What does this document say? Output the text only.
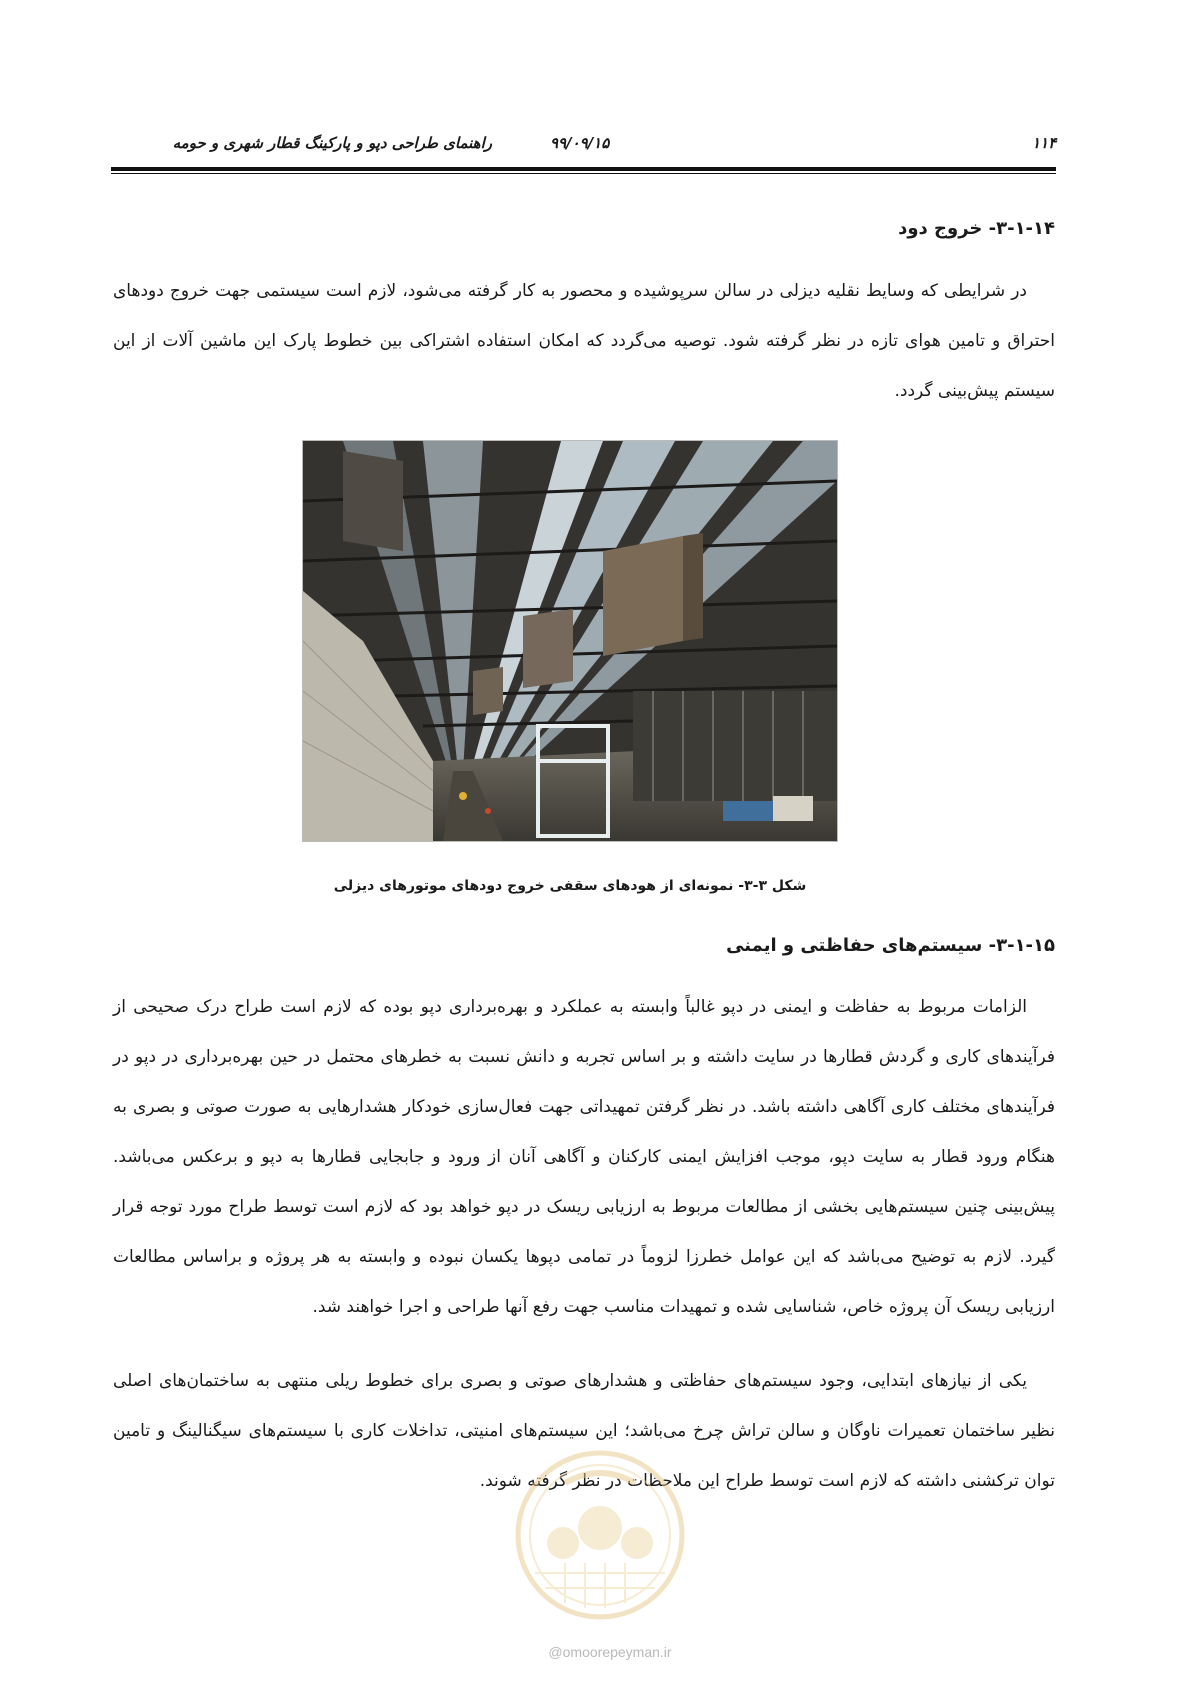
۱۱۴
۹۹/۰۹/۱۵
راهنمای طراحی دپو و پارکینگ قطار شهری و حومه
۳-۱-۱۴- خروج دود
در شرایطی که وسایط نقلیه دیزلی در سالن سرپوشیده و محصور به کار گرفته می‌شود، لازم است سیستمی جهت خروج دودهای احتراق و تامین هوای تازه در نظر گرفته شود. توصیه می‌گردد که امکان استفاده اشتراکی بین خطوط پارک این ماشین آلات از این سیستم پیش‌بینی گردد.
۳-۱-۱۵- سیستم‌های حفاظتی و ایمنی
الزامات مربوط به حفاظت و ایمنی در دپو غالباً وابسته به عملکرد و بهره‌برداری دپو بوده که لازم است طراح درک صحیحی از فرآیندهای کاری و گردش قطارها در سایت داشته و بر اساس تجربه و دانش نسبت به خطرهای محتمل در حین بهره‌برداری در دپو در فرآیندهای مختلف کاری آگاهی داشته باشد. در نظر گرفتن تمهیداتی جهت فعال‌سازی خودکار هشدارهایی به صورت صوتی و بصری به هنگام ورود قطار به سایت دپو، موجب افزایش ایمنی کارکنان و آگاهی آنان از ورود و جابجایی قطارها به دپو و برعکس می‌باشد. پیش‌بینی چنین سیستم‌هایی بخشی از مطالعات مربوط به ارزیابی ریسک در دپو خواهد بود که لازم است توسط طراح مورد توجه قرار گیرد. لازم به توضیح می‌باشد که این عوامل خطرزا لزوماً در تمامی دپوها یکسان نبوده و وابسته به هر پروژه و براساس مطالعات ارزیابی ریسک آن پروژه خاص، شناسایی شده و تمهیدات مناسب جهت رفع آنها طراحی و اجرا خواهند شد.
یکی از نیازهای ابتدایی، وجود سیستم‌های حفاظتی و هشدارهای صوتی و بصری برای خطوط ریلی منتهی به ساختمان‌های اصلی نظیر ساختمان تعمیرات ناوگان و سالن تراش چرخ می‌باشد؛ این سیستم‌های امنیتی، تداخلات کاری با سیستم‌های سیگنالینگ و تامین توان ترکشنی داشته که لازم است توسط طراح این ملاحظات در نظر گرفته شوند.
شکل ۳-۳- نمونه‌ای از هودهای سقفی خروج دودهای موتورهای دیزلی
@omoorepeyman.ir
